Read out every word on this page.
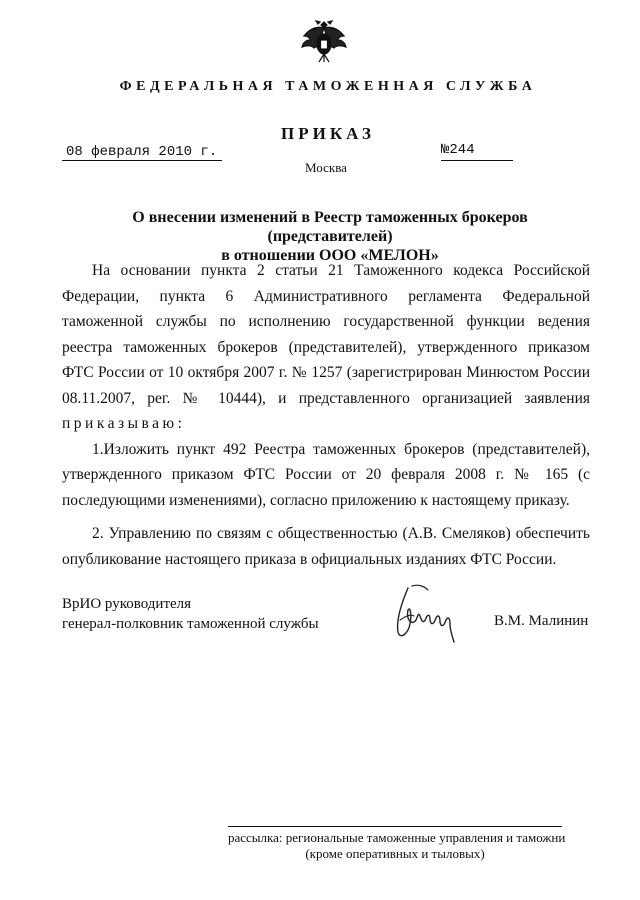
ФЕДЕРАЛЬНАЯ ТАМОЖЕННАЯ СЛУЖБА
ПРИКАЗ
08 февраля 2010 г.	№244
Москва
О внесении изменений в Реестр таможенных брокеров (представителей)
в отношении ООО «МЕЛОН»

На основании пункта 2 статьи 21 Таможенного кодекса Российской Федерации, пункта 6 Административного регламента Федеральной таможенной службы по исполнению государственной функции ведения реестра таможенных брокеров (представителей), утвержденного приказом ФТС России от 10 октября 2007 г. № 1257 (зарегистрирован Минюстом России 08.11.2007, рег. № 10444), и представленного организацией заявления приказываю:

1.Изложить пункт 492 Реестра таможенных брокеров (представителей), утвержденного приказом ФТС России от 20 февраля 2008 г. № 165 (с последующими изменениями), согласно приложению к настоящему приказу.

2. Управлению по связям с общественностью (А.В. Смеляков) обеспечить опубликование настоящего приказа в официальных изданиях ФТС России.

ВрИО руководителя
генерал-полковник таможенной службы	В.М. Малинин
рассылка: региональные таможенные управления и таможни
(кроме оперативных и тыловых)
